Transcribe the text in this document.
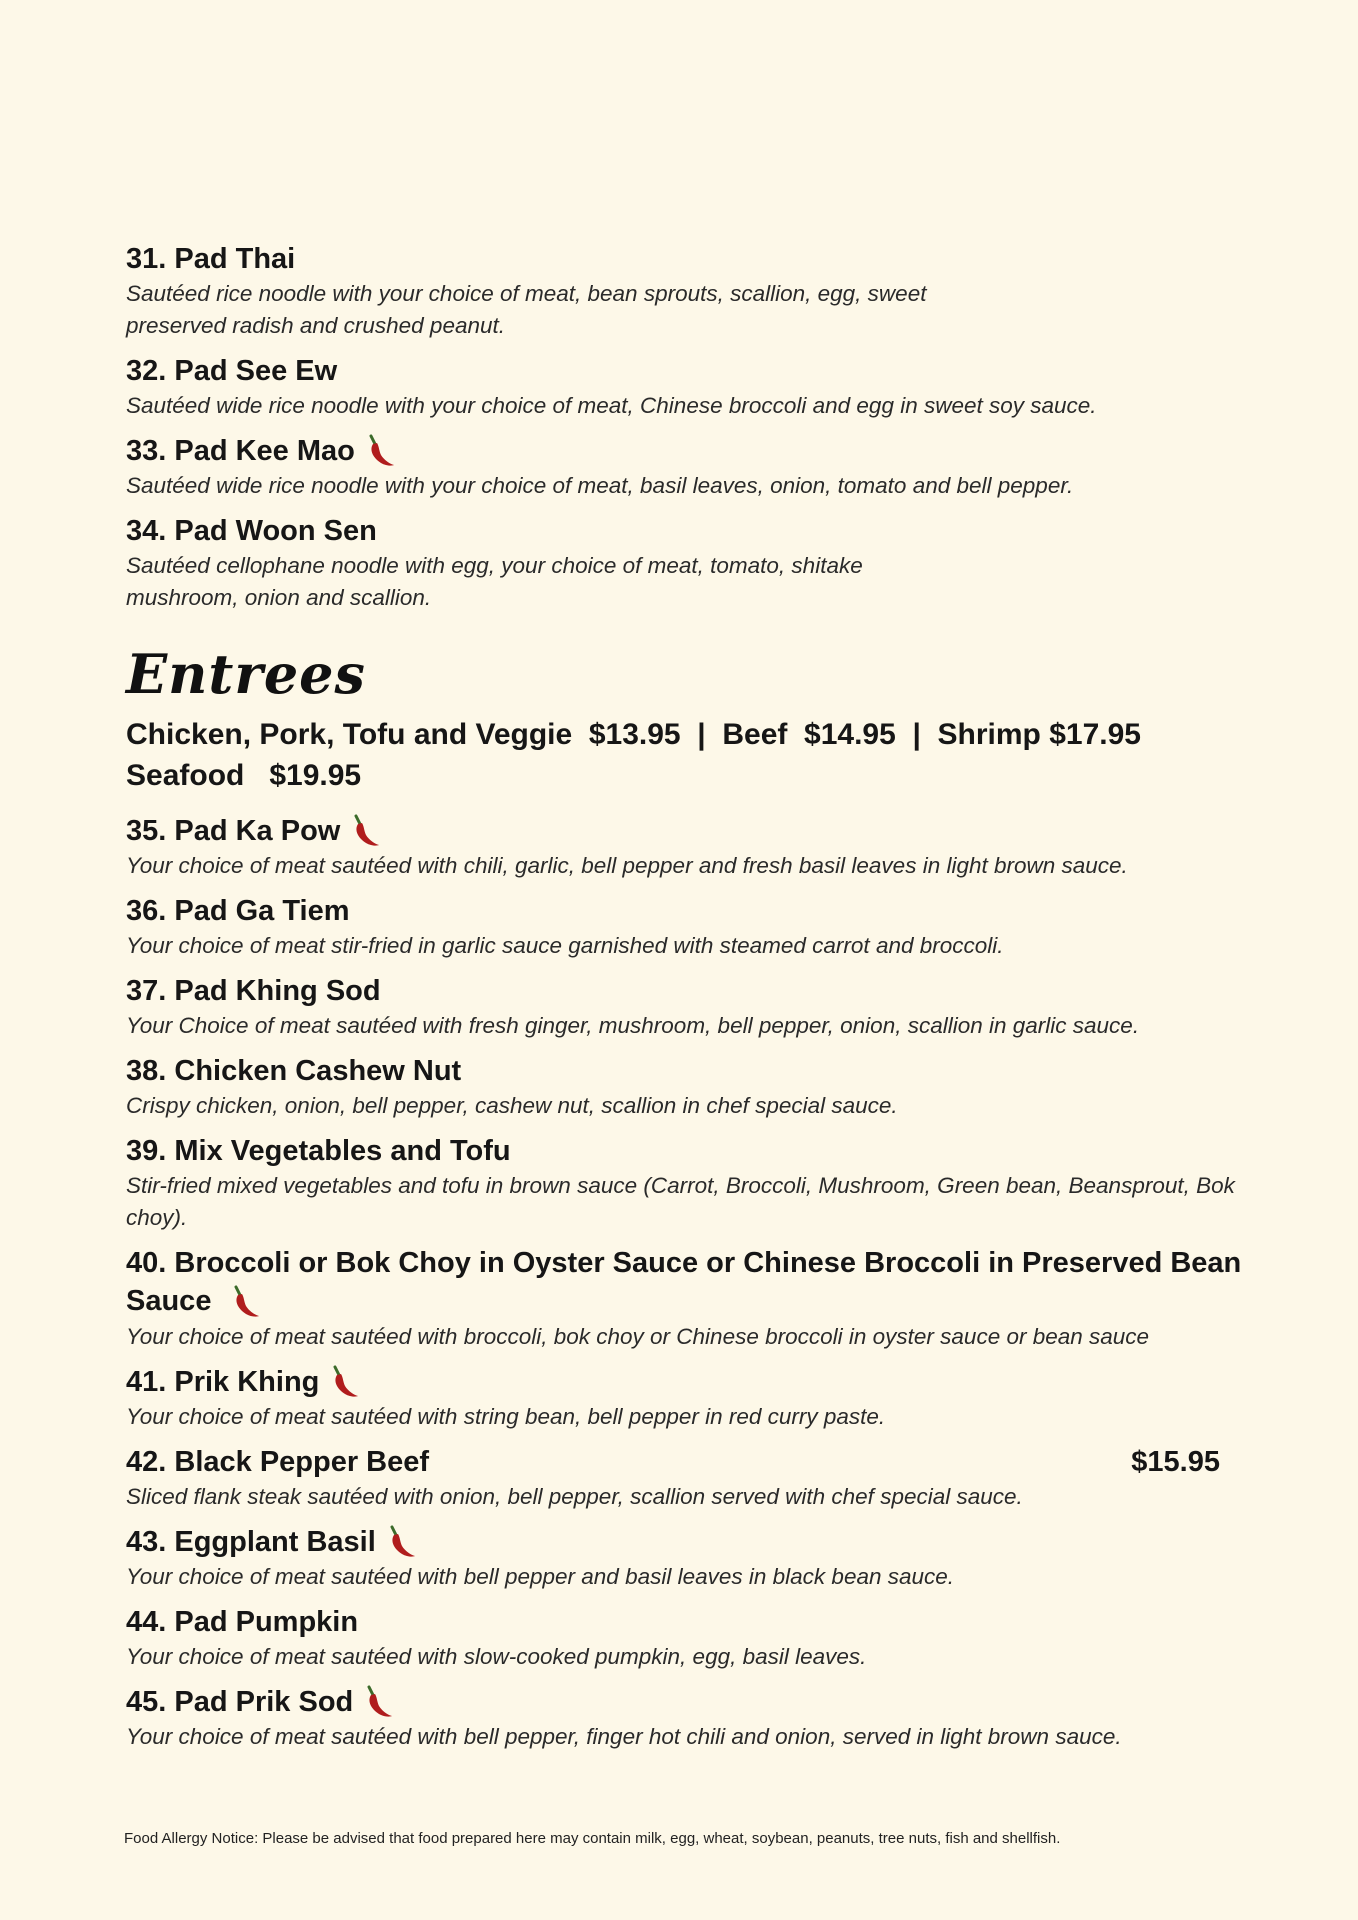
31. Pad Thai
Sautéed rice noodle with your choice of meat, bean sprouts, scallion, egg, sweet preserved radish and crushed peanut.
32. Pad See Ew
Sautéed wide rice noodle with your choice of meat, Chinese broccoli and egg in sweet soy sauce.
33. Pad Kee Mao
Sautéed wide rice noodle with your choice of meat, basil leaves, onion, tomato and bell pepper.
34. Pad Woon Sen
Sautéed cellophane noodle with egg, your choice of meat, tomato, shitake mushroom, onion and scallion.
Entrees
Chicken, Pork, Tofu and Veggie  $13.95  |  Beef  $14.95  |  Shrimp $17.95
Seafood   $19.95
35. Pad Ka Pow
Your choice of meat sautéed with chili, garlic, bell pepper and fresh basil leaves in light brown sauce.
36. Pad Ga Tiem
Your choice of meat stir-fried in garlic sauce garnished with steamed carrot and broccoli.
37. Pad Khing Sod
Your Choice of meat sautéed with fresh ginger, mushroom, bell pepper, onion, scallion in garlic sauce.
38. Chicken Cashew Nut
Crispy chicken, onion, bell pepper, cashew nut, scallion in chef special sauce.
39. Mix Vegetables and Tofu
Stir-fried mixed vegetables and tofu in brown sauce (Carrot, Broccoli, Mushroom, Green bean, Beansprout, Bok choy).
40. Broccoli or Bok Choy in Oyster Sauce or Chinese Broccoli in Preserved Bean Sauce
Your choice of meat sautéed with broccoli, bok choy or Chinese broccoli in oyster sauce or bean sauce
41. Prik Khing
Your choice of meat sautéed with string bean, bell pepper in red curry paste.
42. Black Pepper Beef	$15.95
Sliced flank steak sautéed with onion, bell pepper, scallion served with chef special sauce.
43. Eggplant Basil
Your choice of meat sautéed with bell pepper and basil leaves in black bean sauce.
44. Pad Pumpkin
Your choice of meat sautéed with slow-cooked pumpkin, egg, basil leaves.
45. Pad Prik Sod
Your choice of meat sautéed with bell pepper, finger hot chili and onion, served in light brown sauce.
Food Allergy Notice: Please be advised that food prepared here may contain milk, egg, wheat, soybean, peanuts, tree nuts, fish and shellfish.
